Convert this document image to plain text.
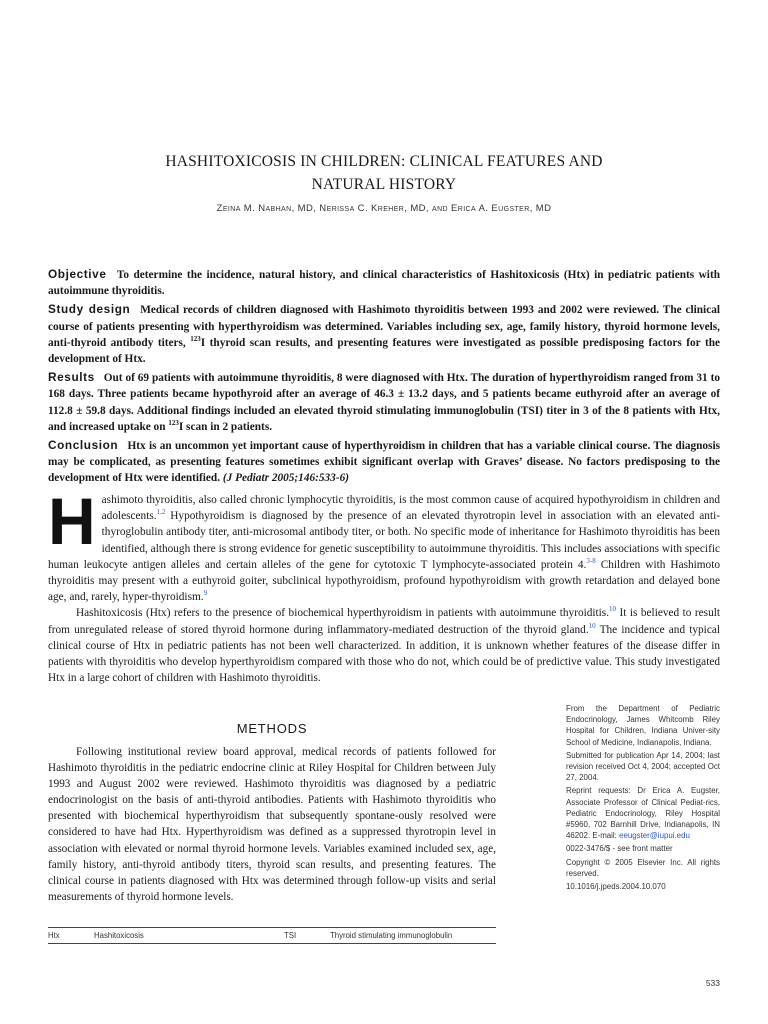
HASHITOXICOSIS IN CHILDREN: CLINICAL FEATURES AND
NATURAL HISTORY
Zeina M. Nabhan, MD, Nerissa C. Kreher, MD, and Erica A. Eugster, MD

Objective To determine the incidence, natural history, and clinical characteristics of Hashitoxicosis (Htx) in pediatric patients with autoimmune thyroiditis.

Study design Medical records of children diagnosed with Hashimoto thyroiditis between 1993 and 2002 were reviewed. The clinical course of patients presenting with hyperthyroidism was determined. Variables including sex, age, family history, thyroid hormone levels, anti-thyroid antibody titers, $^{123}$I thyroid scan results, and presenting features were investigated as possible predisposing factors for the development of Htx.

Results Out of 69 patients with autoimmune thyroiditis, 8 were diagnosed with Htx. The duration of hyperthyroidism ranged from 31 to 168 days. Three patients became hypothyroid after an average of 46.3 ± 13.2 days, and 5 patients became euthyroid after an average of 112.8 ± 59.8 days. Additional findings included an elevated thyroid stimulating immunoglobulin (TSI) titer in 3 of the 8 patients with Htx, and increased uptake on $^{123}$I scan in 2 patients.

Conclusion Htx is an uncommon yet important cause of hyperthyroidism in children that has a variable clinical course. The diagnosis may be complicated, as presenting features sometimes exhibit significant overlap with Graves’ disease. No factors predisposing to the development of Htx were identified. (J Pediatr 2005;146:533-6)

Hashimoto thyroiditis, also called chronic lymphocytic thyroiditis, is the most common cause of acquired hypothyroidism in children and adolescents.$^{1,2}$ Hypothyroidism is diagnosed by the presence of an elevated thyrotropin level in association with an elevated anti-thyroglobulin antibody titer, anti-microsomal antibody titer, or both. No specific mode of inheritance for Hashimoto thyroiditis has been identified, although there is strong evidence for genetic susceptibility to autoimmune thyroiditis. This includes associations with specific human leukocyte antigen alleles and certain alleles of the gene for cytotoxic T lymphocyte-associated protein 4.$^{3-8}$ Children with Hashimoto thyroiditis may present with a euthyroid goiter, subclinical hypothyroidism, profound hypothyroidism with growth retardation and delayed bone age, and, rarely, hyper-thyroidism.$^9$

Hashitoxicosis (Htx) refers to the presence of biochemical hyperthyroidism in patients with autoimmune thyroiditis.$^{10}$ It is believed to result from unregulated release of stored thyroid hormone during inflammatory-mediated destruction of the thyroid gland.$^{10}$ The incidence and typical clinical course of Htx in pediatric patients has not been well characterized. In addition, it is unknown whether features of the disease differ in patients with thyroiditis who develop hyperthyroidism compared with those who do not, which could be of predictive value. This study investigated Htx in a large cohort of children with Hashimoto thyroiditis.

METHODS

Following institutional review board approval, medical records of patients followed for Hashimoto thyroiditis in the pediatric endocrine clinic at Riley Hospital for Children between July 1993 and August 2002 were reviewed. Hashimoto thyroiditis was diagnosed by a pediatric endocrinologist on the basis of anti-thyroid antibodies. Patients with Hashimoto thyroiditis who presented with biochemical hyperthyroidism that subsequently spontane-ously resolved were considered to have had Htx. Hyperthyroidism was defined as a suppressed thyrotropin level in association with elevated or normal thyroid hormone levels. Variables examined included sex, age, family history, anti-thyroid antibody titers, thyroid scan results, and presenting features. The clinical course in patients diagnosed with Htx was determined through follow-up visits and serial measurements of thyroid hormone levels.

Htx	Hashitoxicosis	TSI	Thyroid stimulating immunoglobulin

From the Department of Pediatric Endocrinology, James Whitcomb Riley Hospital for Children, Indiana Univer-sity School of Medicine, Indianapolis, Indiana.

Submitted for publication Apr 14, 2004; last revision received Oct 4, 2004; accepted Oct 27, 2004.

Reprint requests: Dr Erica A. Eugster, Associate Professor of Clinical Pediat-rics, Pediatric Endocrinology, Riley Hospital #5960, 702 Barnhill Drive, Indianapolis, IN 46202. E-mail: eeugster@iupui.edu

0022-3476/$ - see front matter

Copyright © 2005 Elsevier Inc. All rights reserved.

10.1016/j.jpeds.2004.10.070

533
